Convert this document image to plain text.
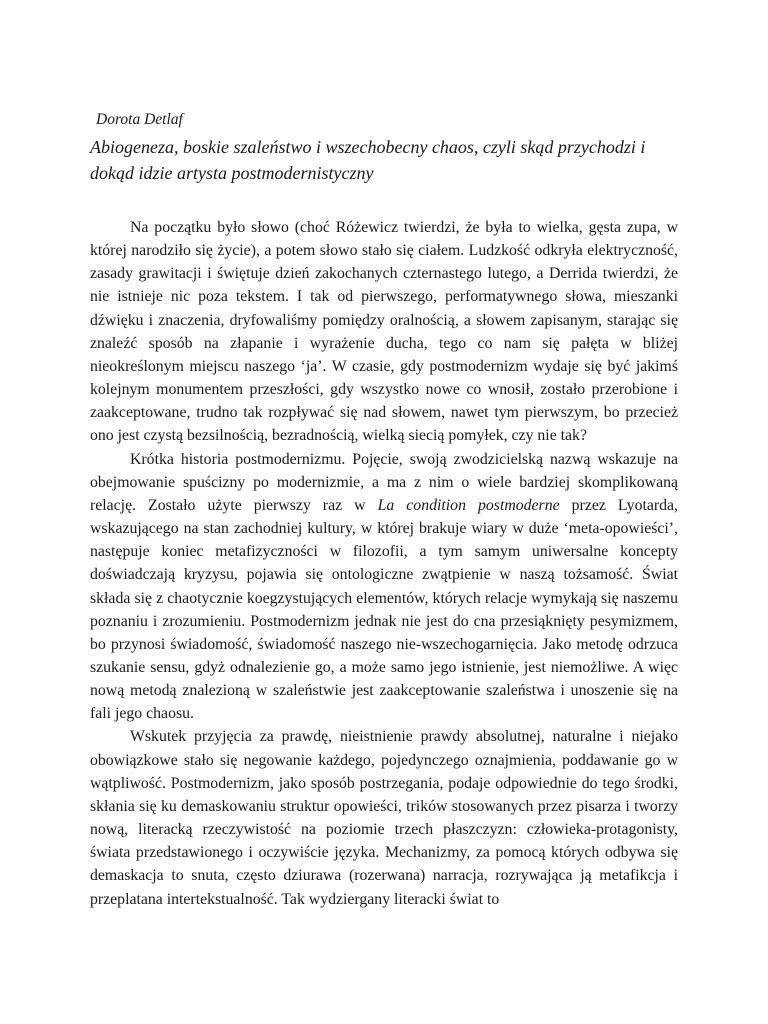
Dorota Detlaf
Abiogeneza, boskie szaleństwo i wszechobecny chaos, czyli skąd przychodzi i dokąd idzie artysta postmodernistyczny

Na początku było słowo (choć Różewicz twierdzi, że była to wielka, gęsta zupa, w której narodziło się życie), a potem słowo stało się ciałem. Ludzkość odkryła elektryczność, zasady grawitacji i świętuje dzień zakochanych czternastego lutego, a Derrida twierdzi, że nie istnieje nic poza tekstem. I tak od pierwszego, performatywnego słowa, mieszanki dźwięku i znaczenia, dryfowaliśmy pomiędzy oralnością, a słowem zapisanym, starając się znaleźć sposób na złapanie i wyrażenie ducha, tego co nam się pałęta w bliżej nieokreślonym miejscu naszego ‘ja’. W czasie, gdy postmodernizm wydaje się być jakimś kolejnym monumentem przeszłości, gdy wszystko nowe co wnosił, zostało przerobione i zaakceptowane, trudno tak rozpływać się nad słowem, nawet tym pierwszym, bo przecież ono jest czystą bezsilnością, bezradnością, wielką siecią pomyłek, czy nie tak?

Krótka historia postmodernizmu. Pojęcie, swoją zwodzicielską nazwą wskazuje na obejmowanie spuścizny po modernizmie, a ma z nim o wiele bardziej skomplikowaną relację. Zostało użyte pierwszy raz w La condition postmoderne przez Lyotarda, wskazującego na stan zachodniej kultury, w której brakuje wiary w duże ‘meta-opowieści’, następuje koniec metafizyczności w filozofii, a tym samym uniwersalne koncepty doświadczają kryzysu, pojawia się ontologiczne zwątpienie w naszą tożsamość. Świat składa się z chaotycznie koegzystujących elementów, których relacje wymykają się naszemu poznaniu i zrozumieniu. Postmodernizm jednak nie jest do cna przesiąknięty pesymizmem, bo przynosi świadomość, świadomość naszego nie-wszechogarnięcia. Jako metodę odrzuca szukanie sensu, gdyż odnalezienie go, a może samo jego istnienie, jest niemożliwe. A więc nową metodą znalezioną w szaleństwie jest zaakceptowanie szaleństwa i unoszenie się na fali jego chaosu.

Wskutek przyjęcia za prawdę, nieistnienie prawdy absolutnej, naturalne i niejako obowiązkowe stało się negowanie każdego, pojedynczego oznajmienia, poddawanie go w wątpliwość. Postmodernizm, jako sposób postrzegania, podaje odpowiednie do tego środki, skłania się ku demaskowaniu struktur opowieści, trików stosowanych przez pisarza i tworzy nową, literacką rzeczywistość na poziomie trzech płaszczyzn: człowieka-protagonisty, świata przedstawionego i oczywiście języka. Mechanizmy, za pomocą których odbywa się demaskacja to snuta, często dziurawa (rozerwana) narracja, rozrywająca ją metafikcja i przeplatana intertekstualność. Tak wydziergany literacki świat to
